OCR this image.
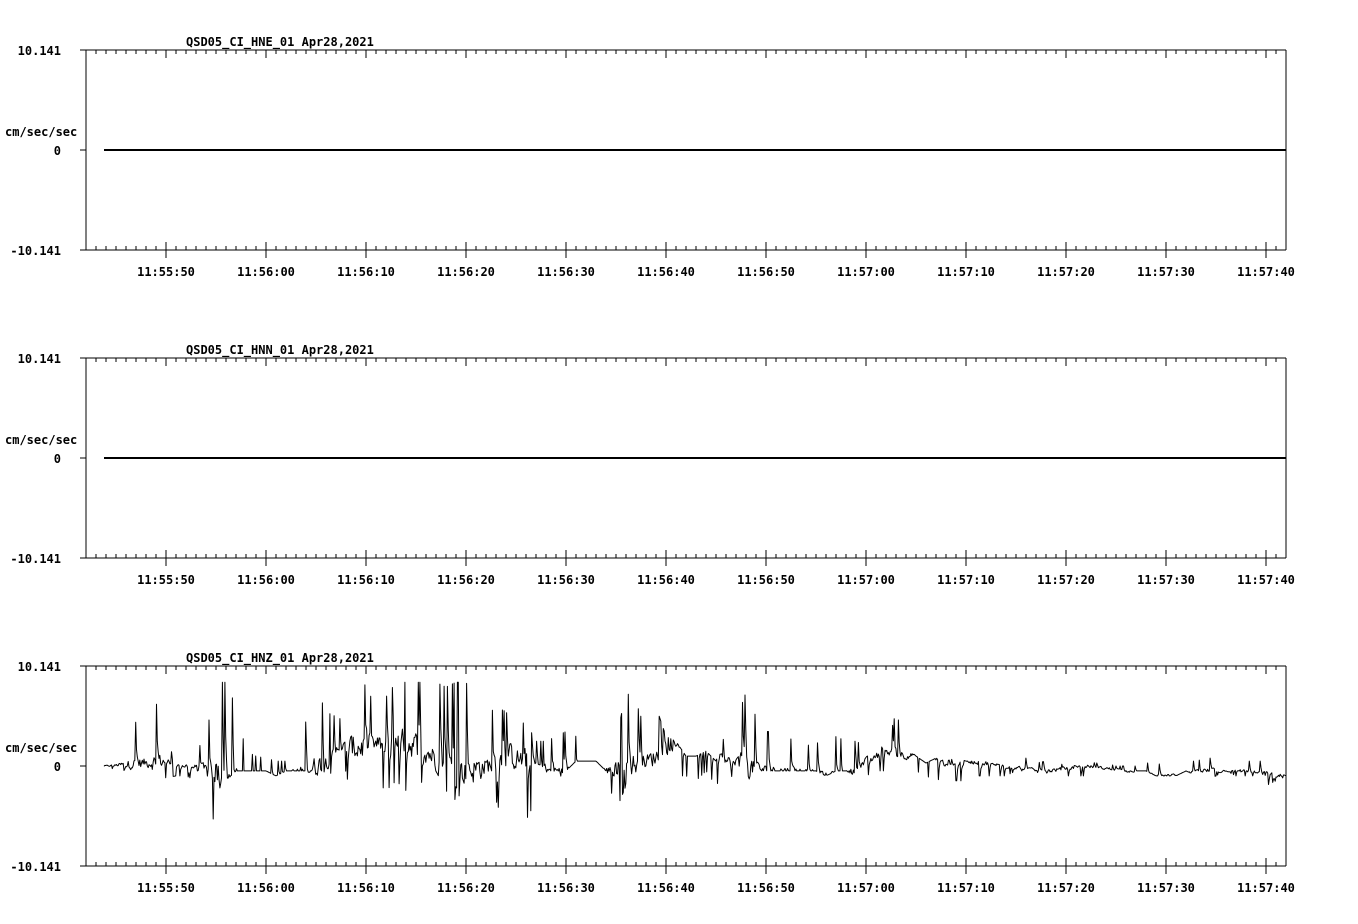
QSD05_CI_HNE_01 Apr28,2021
cm/sec/sec
10.141
0
-10.141
11:55:50	11:56:00	11:56:10	11:56:20	11:56:30	11:56:40	11:56:50	11:57:00	11:57:10	11:57:20	11:57:30	11:57:40
QSD05_CI_HNN_01 Apr28,2021
cm/sec/sec
10.141
0
-10.141
11:55:50	11:56:00	11:56:10	11:56:20	11:56:30	11:56:40	11:56:50	11:57:00	11:57:10	11:57:20	11:57:30	11:57:40
QSD05_CI_HNZ_01 Apr28,2021
cm/sec/sec
10.141
0
-10.141
11:55:50	11:56:00	11:56:10	11:56:20	11:56:30	11:56:40	11:56:50	11:57:00	11:57:10	11:57:20	11:57:30	11:57:40
